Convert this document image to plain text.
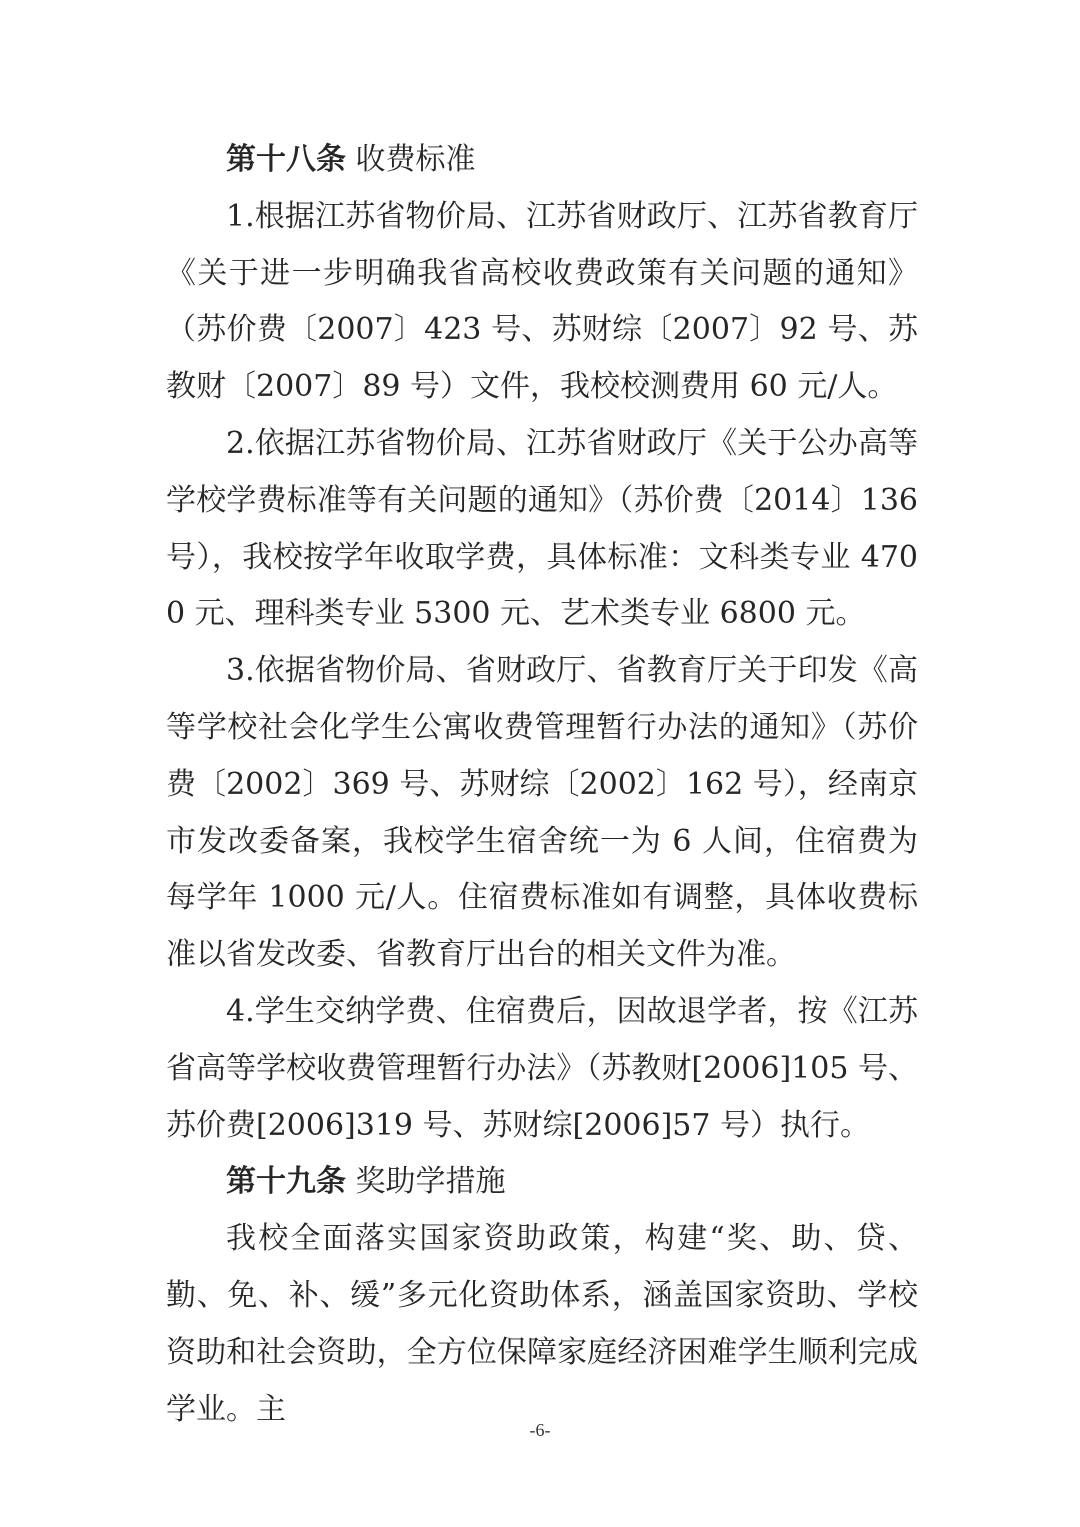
第十八条 收费标准

1.根据江苏省物价局、江苏省财政厅、江苏省教育厅《关于进一步明确我省高校收费政策有关问题的通知》（苏价费〔2007〕423 号、苏财综〔2007〕92 号、苏教财〔2007〕89 号）文件，我校校测费用 60 元/人。

2.依据江苏省物价局、江苏省财政厅《关于公办高等学校学费标准等有关问题的通知》（苏价费〔2014〕136 号），我校按学年收取学费，具体标准：文科类专业 4700 元、理科类专业 5300 元、艺术类专业 6800 元。

3.依据省物价局、省财政厅、省教育厅关于印发《高等学校社会化学生公寓收费管理暂行办法的通知》（苏价费〔2002〕369 号、苏财综〔2002〕162 号），经南京市发改委备案，我校学生宿舍统一为 6 人间，住宿费为每学年 1000 元/人。住宿费标准如有调整，具体收费标准以省发改委、省教育厅出台的相关文件为准。

4.学生交纳学费、住宿费后，因故退学者，按《江苏省高等学校收费管理暂行办法》（苏教财[2006]105 号、苏价费[2006]319 号、苏财综[2006]57 号）执行。

第十九条 奖助学措施

我校全面落实国家资助政策，构建“奖、助、贷、勤、免、补、缓”多元化资助体系，涵盖国家资助、学校资助和社会资助，全方位保障家庭经济困难学生顺利完成学业。主

-6-
